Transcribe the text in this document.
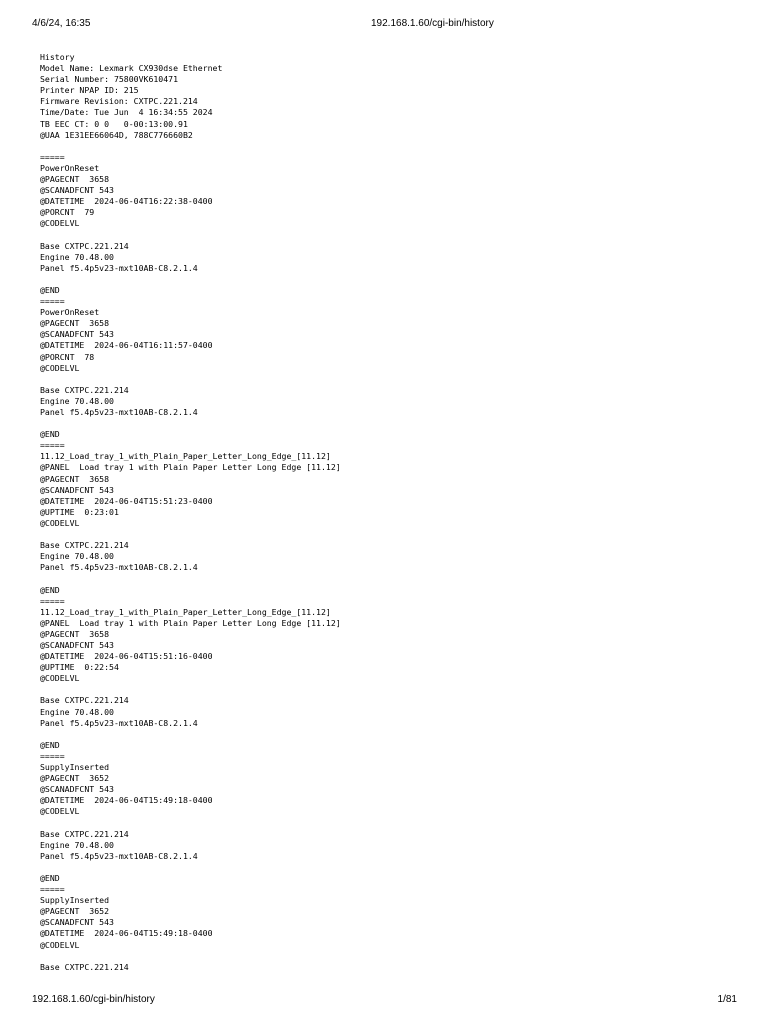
4/6/24, 16:35	192.168.1.60/cgi-bin/history
History
Model Name: Lexmark CX930dse Ethernet
Serial Number: 75800VK610471
Printer NPAP ID: 215
Firmware Revision: CXTPC.221.214
Time/Date: Tue Jun  4 16:34:55 2024
TB EEC CT: 0 0   0-00:13:00.91
@UAA 1E31EE66064D, 788C776660B2

=====
PowerOnReset
@PAGECNT  3658
@SCANADFCNT 543
@DATETIME  2024-06-04T16:22:38-0400
@PORCNT  79
@CODELVL

Base CXTPC.221.214
Engine 70.48.00
Panel f5.4p5v23-mxt10AB-C8.2.1.4

@END
=====
PowerOnReset
@PAGECNT  3658
@SCANADFCNT 543
@DATETIME  2024-06-04T16:11:57-0400
@PORCNT  78
@CODELVL

Base CXTPC.221.214
Engine 70.48.00
Panel f5.4p5v23-mxt10AB-C8.2.1.4

@END
=====
11.12_Load_tray_1_with_Plain_Paper_Letter_Long_Edge_[11.12]
@PANEL  Load tray 1 with Plain Paper Letter Long Edge [11.12]
@PAGECNT  3658
@SCANADFCNT 543
@DATETIME  2024-06-04T15:51:23-0400
@UPTIME  0:23:01
@CODELVL

Base CXTPC.221.214
Engine 70.48.00
Panel f5.4p5v23-mxt10AB-C8.2.1.4

@END
=====
11.12_Load_tray_1_with_Plain_Paper_Letter_Long_Edge_[11.12]
@PANEL  Load tray 1 with Plain Paper Letter Long Edge [11.12]
@PAGECNT  3658
@SCANADFCNT 543
@DATETIME  2024-06-04T15:51:16-0400
@UPTIME  0:22:54
@CODELVL

Base CXTPC.221.214
Engine 70.48.00
Panel f5.4p5v23-mxt10AB-C8.2.1.4

@END
=====
SupplyInserted
@PAGECNT  3652
@SCANADFCNT 543
@DATETIME  2024-06-04T15:49:18-0400
@CODELVL

Base CXTPC.221.214
Engine 70.48.00
Panel f5.4p5v23-mxt10AB-C8.2.1.4

@END
=====
SupplyInserted
@PAGECNT  3652
@SCANADFCNT 543
@DATETIME  2024-06-04T15:49:18-0400
@CODELVL

Base CXTPC.221.214
192.168.1.60/cgi-bin/history	1/81
